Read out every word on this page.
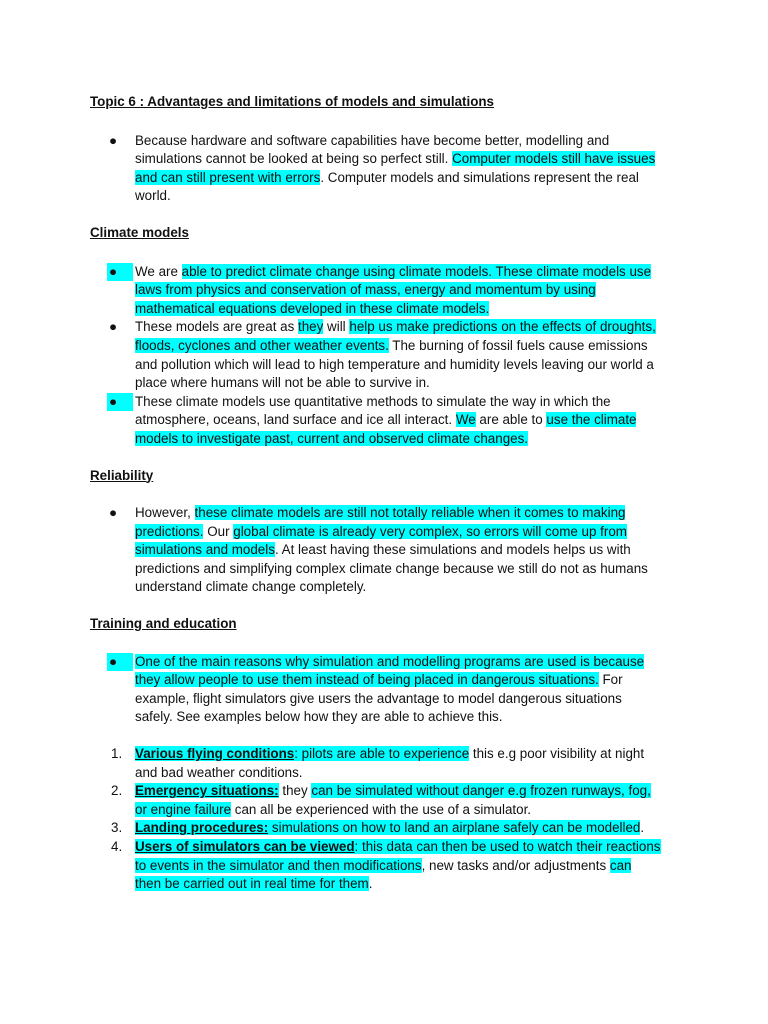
Topic 6 : Advantages and limitations of models and simulations

●	Because hardware and software capabilities have become better, modelling and
simulations cannot be looked at being so perfect still. Computer models still have issues
and can still present with errors. Computer models and simulations represent the real
world.

Climate models

●	We are able to predict climate change using climate models. These climate models use
laws from physics and conservation of mass, energy and momentum by using
mathematical equations developed in these climate models.
●	These models are great as they will help us make predictions on the effects of droughts,
floods, cyclones and other weather events. The burning of fossil fuels cause emissions
and pollution which will lead to high temperature and humidity levels leaving our world a
place where humans will not be able to survive in.
●	These climate models use quantitative methods to simulate the way in which the
atmosphere, oceans, land surface and ice all interact. We are able to use the climate
models to investigate past, current and observed climate changes.

Reliability

●	However, these climate models are still not totally reliable when it comes to making
predictions. Our global climate is already very complex, so errors will come up from
simulations and models. At least having these simulations and models helps us with
predictions and simplifying complex climate change because we still do not as humans
understand climate change completely.

Training and education

●	One of the main reasons why simulation and modelling programs are used is because
they allow people to use them instead of being placed in dangerous situations. For
example, flight simulators give users the advantage to model dangerous situations
safely. See examples below how they are able to achieve this.
1. Various flying conditions: pilots are able to experience this e.g poor visibility at night
and bad weather conditions.
2. Emergency situations: they can be simulated without danger e.g frozen runways, fog,
or engine failure can all be experienced with the use of a simulator.
3. Landing procedures: simulations on how to land an airplane safely can be modelled.
4. Users of simulators can be viewed: this data can then be used to watch their reactions
to events in the simulator and then modifications, new tasks and/or adjustments can
then be carried out in real time for them.
